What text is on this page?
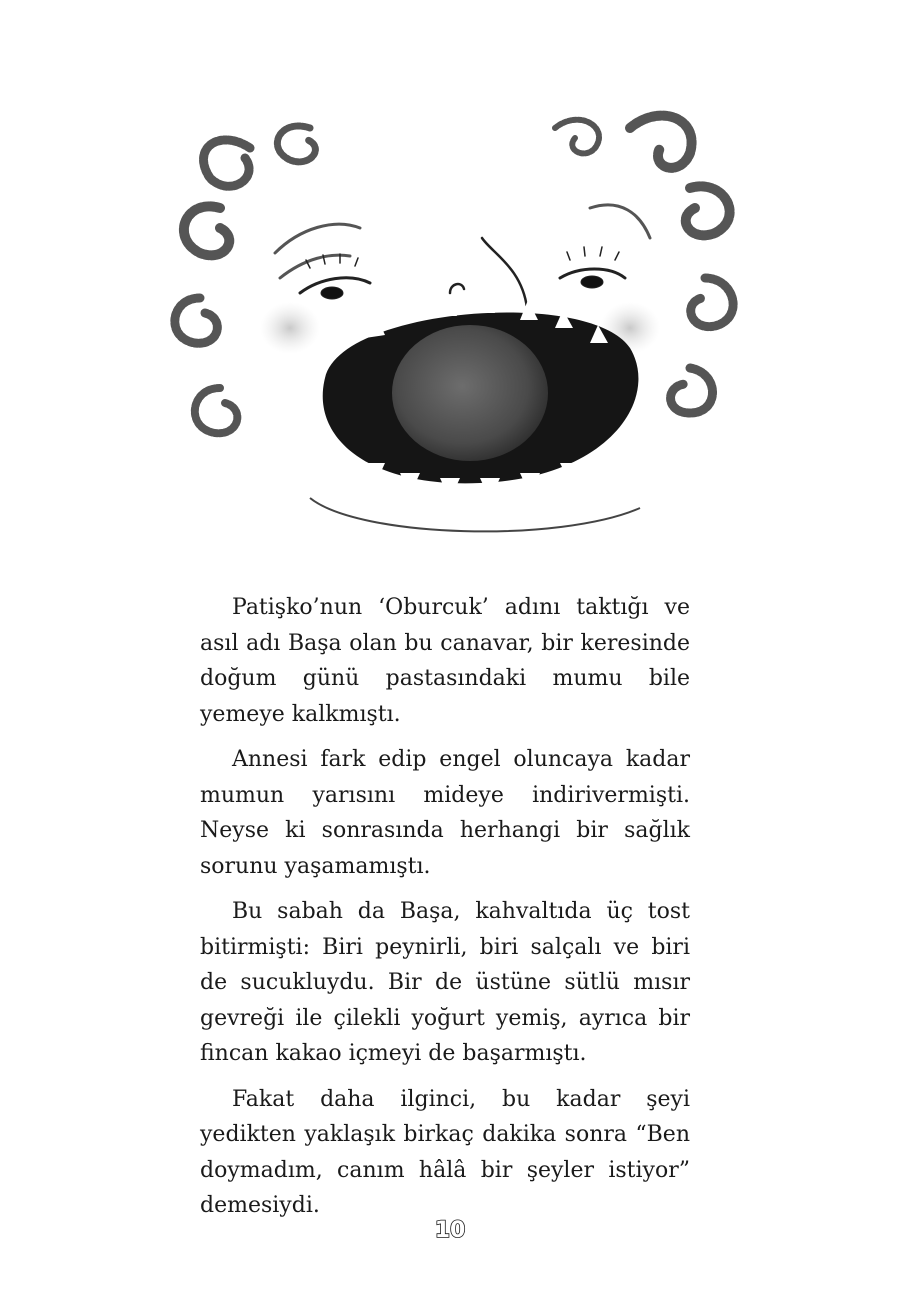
Patişko’nun ‘Oburcuk’ adını taktığı ve asıl adı Başa olan bu canavar, bir keresinde doğum günü pastasındaki mumu bile yemeye kalkmıştı.

Annesi fark edip engel oluncaya kadar mumun yarısını mideye indirivermişti. Neyse ki sonrasında herhangi bir sağlık sorunu yaşamamıştı.

Bu sabah da Başa, kahvaltıda üç tost bitirmişti: Biri peynirli, biri salçalı ve biri de sucukluydu. Bir de üstüne sütlü mısır gevreği ile çilekli yoğurt yemiş, ayrıca bir fincan kakao içmeyi de başarmıştı.

Fakat daha ilginci, bu kadar şeyi yedikten yaklaşık birkaç dakika sonra “Ben doymadım, canım hâlâ bir şeyler istiyor” demesiydi.

10
